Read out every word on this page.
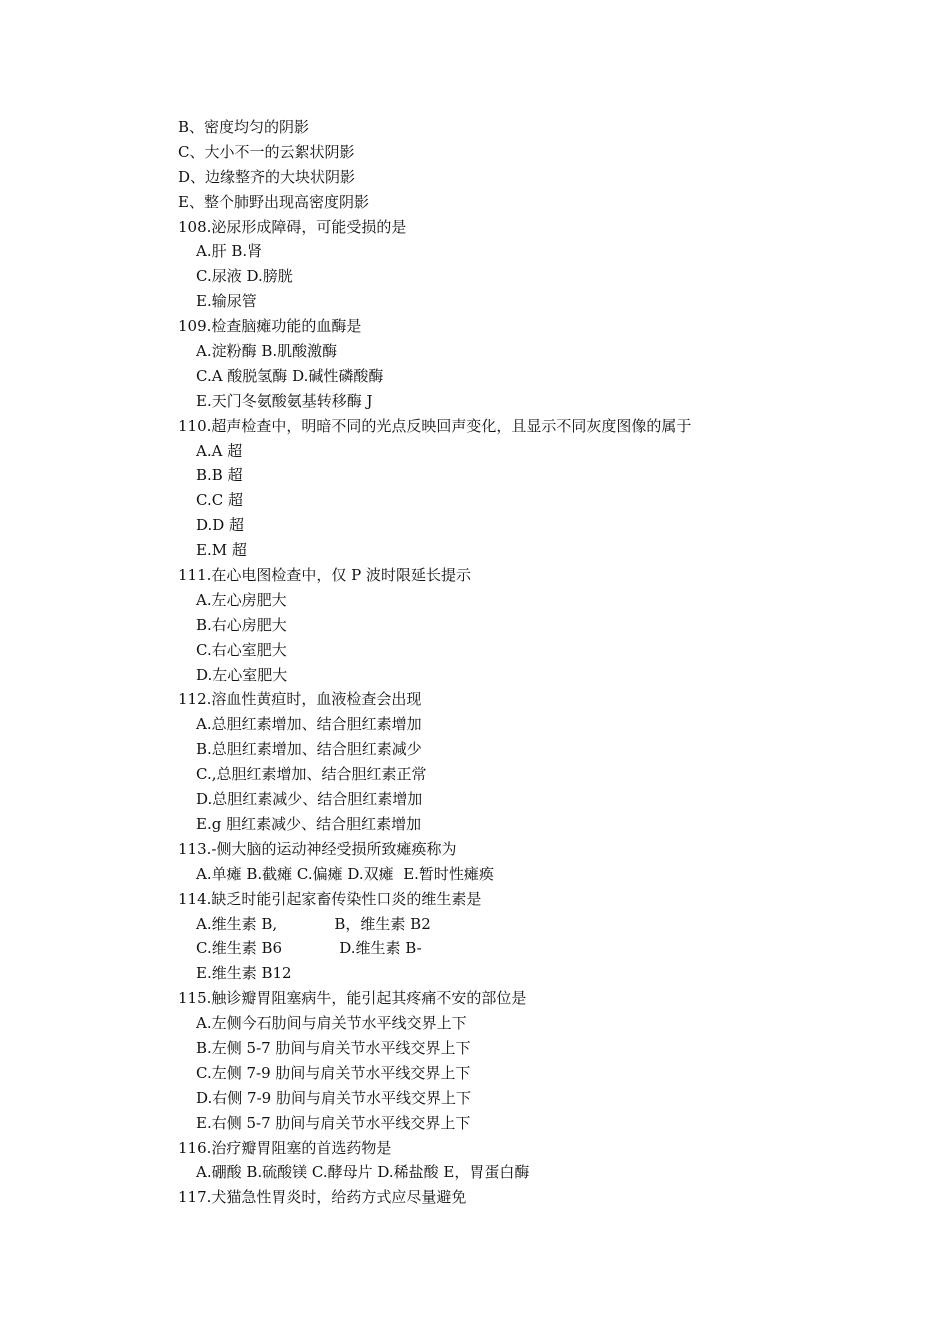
B、密度均匀的阴影
C、大小不一的云絮状阴影
D、边缘整齐的大块状阴影
E、整个肺野出现高密度阴影
108.泌尿形成障碍，可能受损的是
A.肝 B.肾
C.尿液 D.膀胱
E.输尿管
109.检查脑瘫功能的血酶是
A.淀粉酶 B.肌酸激酶
C.A 酸脱氢酶 D.碱性磷酸酶
E.天门冬氨酸氨基转移酶 J
110.超声检查中，明暗不同的光点反映回声变化，且显示不同灰度图像的属于
A.A 超
B.B 超
C.C 超
D.D 超
E.M 超
111.在心电图检查中，仅 P 波时限延长提示
A.左心房肥大
B.右心房肥大
C.右心室肥大
D.左心室肥大
112.溶血性黄疸时，血液检查会出现
A.总胆红素增加、结合胆红素增加
B.总胆红素增加、结合胆红素减少
C.,总胆红素增加、结合胆红素正常
D.总胆红素减少、结合胆红素增加
E.g 胆红素减少、结合胆红素增加
113.-侧大脑的运动神经受损所致瘫痪称为
A.单瘫 B.截瘫 C.偏瘫 D.双瘫  E.暂时性瘫痪
114.缺乏时能引起家畜传染性口炎的维生素是
A.维生素 B,            B，维生素 B2
C.维生素 B6            D.维生素 B-
E.维生素 B12
115.触诊瓣胃阻塞病牛，能引起其疼痛不安的部位是
A.左侧今石肋间与肩关节水平线交界上下
B.左侧 5-7 肋间与肩关节水平线交界上下
C.左侧 7-9 肋间与肩关节水平线交界上下
D.右侧 7-9 肋间与肩关节水平线交界上下
E.右侧 5-7 肋间与肩关节水平线交界上下
116.治疗瓣胃阻塞的首选药物是
A.硼酸 B.硫酸镁 C.酵母片 D.稀盐酸 E，胃蛋白酶
117.犬猫急性胃炎时，给药方式应尽量避免
